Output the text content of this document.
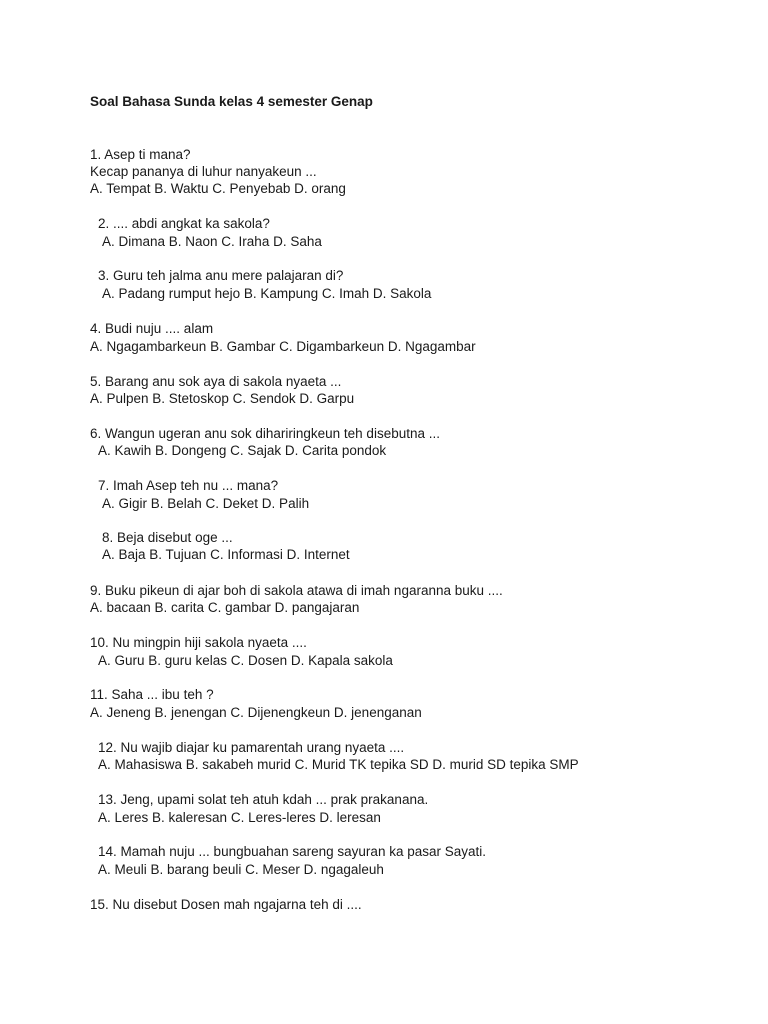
Soal Bahasa Sunda kelas 4 semester Genap
1. Asep ti mana?
Kecap pananya di luhur nanyakeun ...
A. Tempat B. Waktu C. Penyebab D. orang
2. .... abdi angkat ka sakola?
A. Dimana B. Naon C. Iraha D. Saha
3. Guru teh jalma anu mere palajaran di?
A. Padang rumput hejo B. Kampung C. Imah D. Sakola
4. Budi nuju .... alam
A. Ngagambarkeun B. Gambar C. Digambarkeun D. Ngagambar
5. Barang anu sok aya di sakola nyaeta ...
A. Pulpen B. Stetoskop C. Sendok D. Garpu
6. Wangun ugeran anu sok dihariringkeun teh disebutna ...
A. Kawih B. Dongeng C. Sajak D. Carita pondok
7. Imah Asep teh nu ... mana?
A. Gigir B. Belah C. Deket D. Palih
8. Beja disebut oge ...
A. Baja B. Tujuan C. Informasi D. Internet
9. Buku pikeun di ajar boh di sakola atawa di imah ngaranna buku ....
A. bacaan B. carita C. gambar D. pangajaran
10. Nu mingpin hiji sakola nyaeta ....
A. Guru B. guru kelas C. Dosen D. Kapala sakola
11. Saha ... ibu teh ?
A. Jeneng B. jenengan C. Dijenengkeun D. jenenganan
12. Nu wajib diajar ku pamarentah urang nyaeta ....
A. Mahasiswa B. sakabeh murid C. Murid TK tepika SD D. murid SD tepika SMP
13. Jeng, upami solat teh atuh kdah ... prak prakanana.
A. Leres B. kaleresan C. Leres-leres D. leresan
14. Mamah nuju ... bungbuahan sareng sayuran ka pasar Sayati.
A. Meuli B. barang beuli C. Meser D. ngagaleuh
15. Nu disebut Dosen mah ngajarna teh di ....
